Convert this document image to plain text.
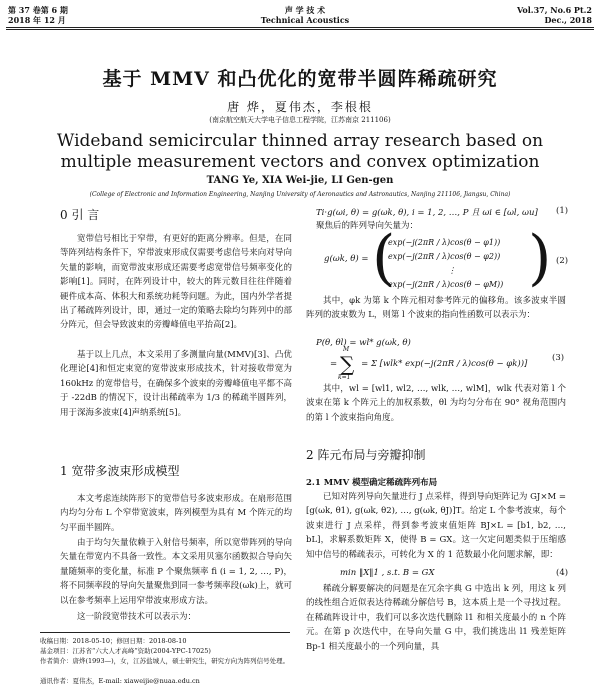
第 37 卷第 6 期
2018 年 12 月
声 学 技 术
Technical Acoustics
Vol.37, No.6 Pt.2
Dec., 2018
基于 MMV 和凸优化的宽带半圆阵稀疏研究
唐 烨，夏伟杰，李根根
(南京航空航天大学电子信息工程学院，江苏南京 211106)
Wideband semicircular thinned array research based on multiple measurement vectors and convex optimization
TANG Ye, XIA Wei-jie, LI Gen-gen
(College of Electronic and Information Engineering, Nanjing University of Aeronautics and Astronautics, Nanjing 211106, Jiangsu, China)
0 引 言
宽带信号相比于窄带，有更好的距离分辨率。但是，在同等阵列结构条件下，窄带波束形成仅需要考虑信号来向对导向矢量的影响，而宽带波束形成还需要考虑宽带信号频率变化的影响[1]。同时，在阵列设计中，较大的阵元数目往往伴随着硬件成本高、体积大和系统功耗等问题。为此，国内外学者提出了稀疏阵列设计，即，通过一定的策略去除均匀阵列中的部分阵元，但会导致波束的旁瓣峰值电平抬高[2]。
基于以上几点，本文采用了多测量向量(MMV)[3]、凸优化理论[4]和恒定束宽的宽带波束形成技术，针对接收带宽为 160kHz 的宽带信号，在确保多个波束的旁瓣峰值电平都不高于 -22dB 的情况下，设计出稀疏率为 1/3 的稀疏半圆阵列，用于深海多波束[4]声纳系统[5]。
1 宽带多波束形成模型
本文考虑连续阵形下的宽带信号多波束形成。在扇形范围内均匀分布 L 个窄带宽波束，阵列模型为具有 M 个阵元的均匀平面半圆阵。
由于均匀矢量依赖于入射信号频率，所以宽带阵列的导向矢量在带宽内不具备一致性。本文采用贝塞尔函数拟合导向矢量随频率的变化量，标准 P 个聚焦频率 fi (i = 1, 2, …, P)，将不同频率段的导向矢量聚焦到同一参考频率段(ωk)上，就可以在参考频率上运用窄带波束形成方法。
这一阶段宽带技术可以表示为：
收稿日期：2018-05-10；修回日期：2018-08-10
基金项目：江苏省“六大人才高峰”资助(2004-YPC-17025)
作者简介：唐烨(1993—)，女，江苏盐城人，硕士研究生，研究方向为阵列信号处理。
通讯作者：夏伟杰，E-mail: xiaweijie@nuaa.edu.cn
Ti·g(ωi, θ) = g(ωk, θ), i = 1, 2, …, P 且 ωi ∈ [ωl, ωu] (1)
聚焦后的阵列导向矢量为：
g(ωk, θ) = (
exp(−j(2πR / λ)cos(θ − φ1))
exp(−j(2πR / λ)cos(θ − φ2))
⋮
exp(−j(2πR / λ)cos(θ − φM)) ) (2)
其中，φk 为第 k 个阵元相对参考阵元的偏移角。该多波束半圆阵列的波束数为 L，则第 l 个波束的指向性函数可以表示为：
P(θ, θl) = wl* g(ωk, θ)
∑
M
k=1
=	= Σ [wlk* exp(−j(2πR / λ)cos(θ − φk))]
(3)
其中，wl = [wl1, wl2, …, wlk, …, wlM]，wlk 代表对第 l 个波束在第 k 个阵元上的加权系数，θl 为均匀分布在 90° 视角范围内的第 l 个波束指向角度。
2 阵元布局与旁瓣抑制
2.1 MMV 模型确定稀疏阵列布局
已知对阵列导向矢量进行 J 点采样，得到导向矩阵记为 GJ×M = [g(ωk, θ1), g(ωk, θ2), …, g(ωk, θJ)]T。给定 L 个参考波束，每个波束进行 J 点采样，得到参考波束值矩阵 BJ×L = [b1, b2, …, bL]，求解系数矩阵 X，使得 B = GX。这一欠定问题类似于压缩感知中信号的稀疏表示，可转化为 X 的 1 范数最小化问题求解，即：
min ‖X‖1 , s.t. B = GX	(4)
稀疏分解要解决的问题是在冗余字典 G 中选出 k 列，用这 k 列的线性组合近似表达待稀疏分解信号 B，这本质上是一个寻找过程。在稀疏阵设计中，我们可以多次迭代删除 l1 和相关度最小的 n 个阵元。在第 p 次迭代中，在导向矢量 G 中，我们挑选出 l1 残差矩阵 Bp-1 相关度最小的一个列向量，具
